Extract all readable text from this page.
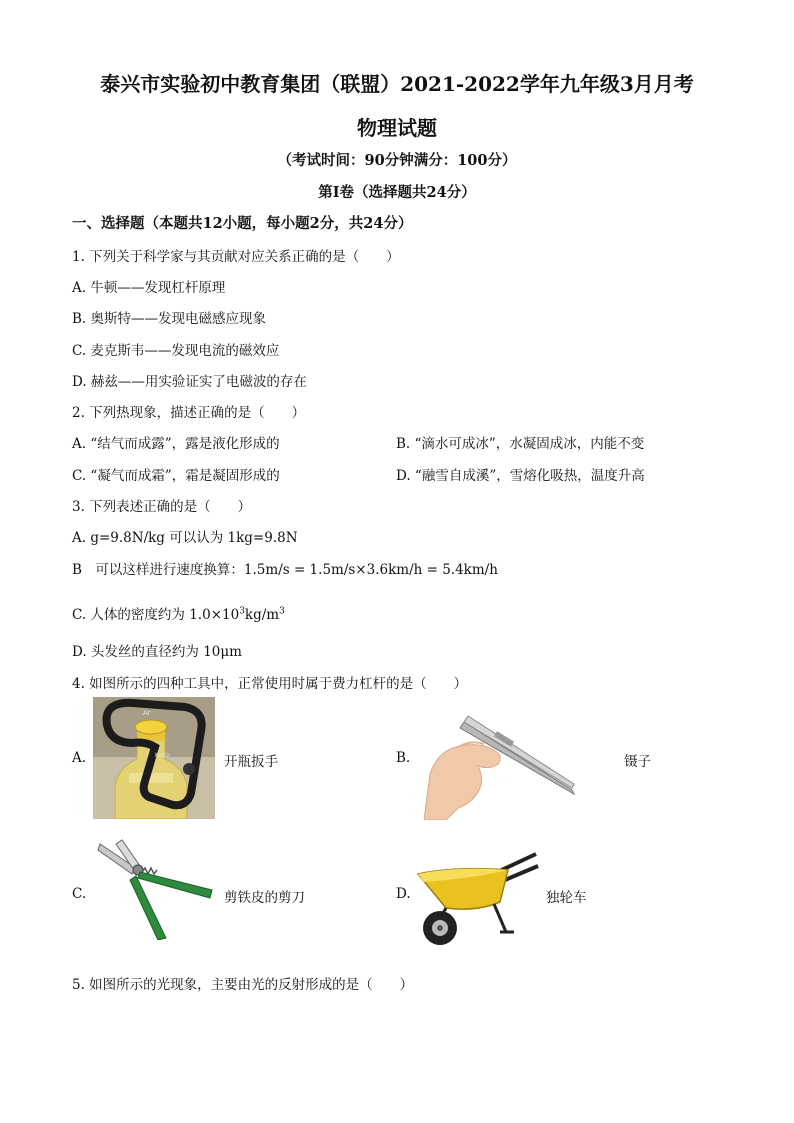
泰兴市实验初中教育集团（联盟）2021-2022学年九年级3月月考
物理试题
（考试时间：90分钟满分：100分）
第Ⅰ卷（选择题共24分）
一、选择题（本题共12小题，每小题2分，共24分）
1. 下列关于科学家与其贡献对应关系正确的是（　　）
A. 牛顿——发现杠杆原理
B. 奥斯特——发现电磁感应现象
C. 麦克斯韦——发现电流的磁效应
D. 赫兹——用实验证实了电磁波的存在
2. 下列热现象，描述正确的是（　　）
A. “结气而成露”，露是液化形成的	B. “滴水可成冰”，水凝固成冰，内能不变
C. “凝气而成霜”，霜是凝固形成的	D. “融雪自成溪”，雪熔化吸热，温度升高
3. 下列表述正确的是（　　）
A. g=9.8N/kg 可以认为 1kg=9.8N
B　可以这样进行速度换算：1.5m/s = 1.5m/s×3.6km/h = 5.4km/h
C. 人体的密度约为 $1.0\times 10^3kg/m^3$
D. 头发丝的直径约为 10μm
4. 如图所示的四种工具中，正常使用时属于费力杠杆的是（　　）
A.
Ar
KoKo	开瓶扳手	B.	镊子
C.	剪铁皮的剪刀	D.	独轮车
5. 如图所示的光现象，主要由光的反射形成的是（　　）
